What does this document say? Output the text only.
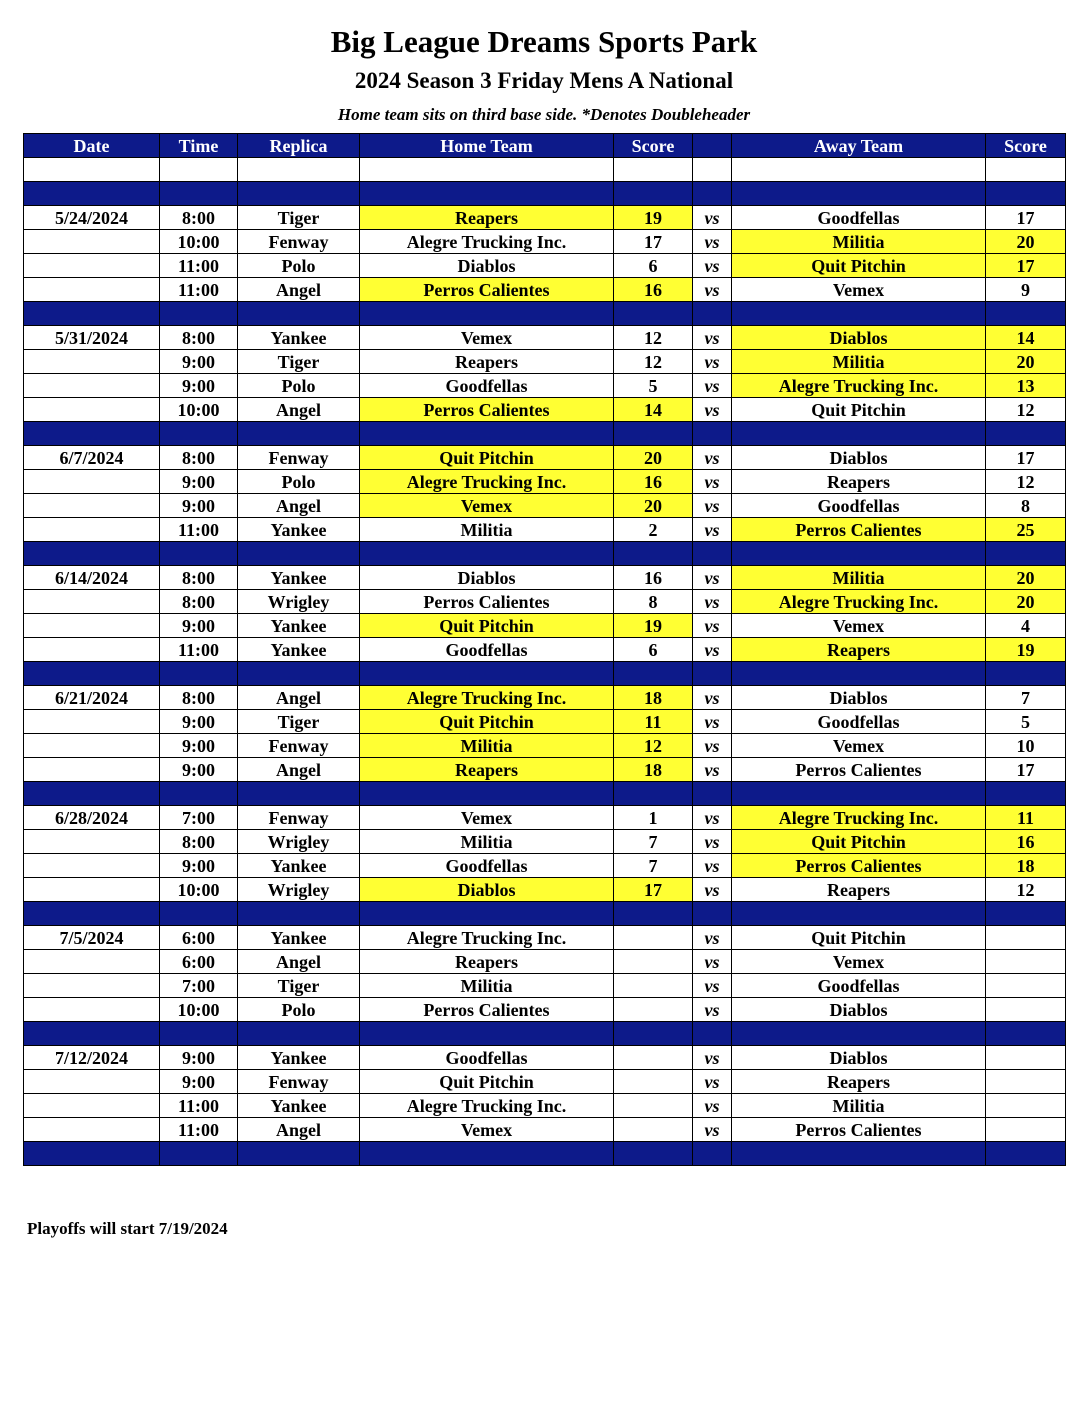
Big League Dreams Sports Park
2024 Season 3 Friday Mens A National
Home team sits on third base side. *Denotes Doubleheader
Date	Time	Replica	Home Team	Score		Away Team	Score

5/24/2024	8:00	Tiger	Reapers	19	vs	Goodfellas	17
	10:00	Fenway	Alegre Trucking Inc.	17	vs	Militia	20
	11:00	Polo	Diablos	6	vs	Quit Pitchin	17
	11:00	Angel	Perros Calientes	16	vs	Vemex	9

5/31/2024	8:00	Yankee	Vemex	12	vs	Diablos	14
	9:00	Tiger	Reapers	12	vs	Militia	20
	9:00	Polo	Goodfellas	5	vs	Alegre Trucking Inc.	13
	10:00	Angel	Perros Calientes	14	vs	Quit Pitchin	12

6/7/2024	8:00	Fenway	Quit Pitchin	20	vs	Diablos	17
	9:00	Polo	Alegre Trucking Inc.	16	vs	Reapers	12
	9:00	Angel	Vemex	20	vs	Goodfellas	8
	11:00	Yankee	Militia	2	vs	Perros Calientes	25

6/14/2024	8:00	Yankee	Diablos	16	vs	Militia	20
	8:00	Wrigley	Perros Calientes	8	vs	Alegre Trucking Inc.	20
	9:00	Yankee	Quit Pitchin	19	vs	Vemex	4
	11:00	Yankee	Goodfellas	6	vs	Reapers	19

6/21/2024	8:00	Angel	Alegre Trucking Inc.	18	vs	Diablos	7
	9:00	Tiger	Quit Pitchin	11	vs	Goodfellas	5
	9:00	Fenway	Militia	12	vs	Vemex	10
	9:00	Angel	Reapers	18	vs	Perros Calientes	17

6/28/2024	7:00	Fenway	Vemex	1	vs	Alegre Trucking Inc.	11
	8:00	Wrigley	Militia	7	vs	Quit Pitchin	16
	9:00	Yankee	Goodfellas	7	vs	Perros Calientes	18
	10:00	Wrigley	Diablos	17	vs	Reapers	12

7/5/2024	6:00	Yankee	Alegre Trucking Inc.		vs	Quit Pitchin	
	6:00	Angel	Reapers		vs	Vemex	
	7:00	Tiger	Militia		vs	Goodfellas	
	10:00	Polo	Perros Calientes		vs	Diablos	

7/12/2024	9:00	Yankee	Goodfellas		vs	Diablos	
	9:00	Fenway	Quit Pitchin		vs	Reapers	
	11:00	Yankee	Alegre Trucking Inc.		vs	Militia	
	11:00	Angel	Vemex		vs	Perros Calientes	

Playoffs will start 7/19/2024
